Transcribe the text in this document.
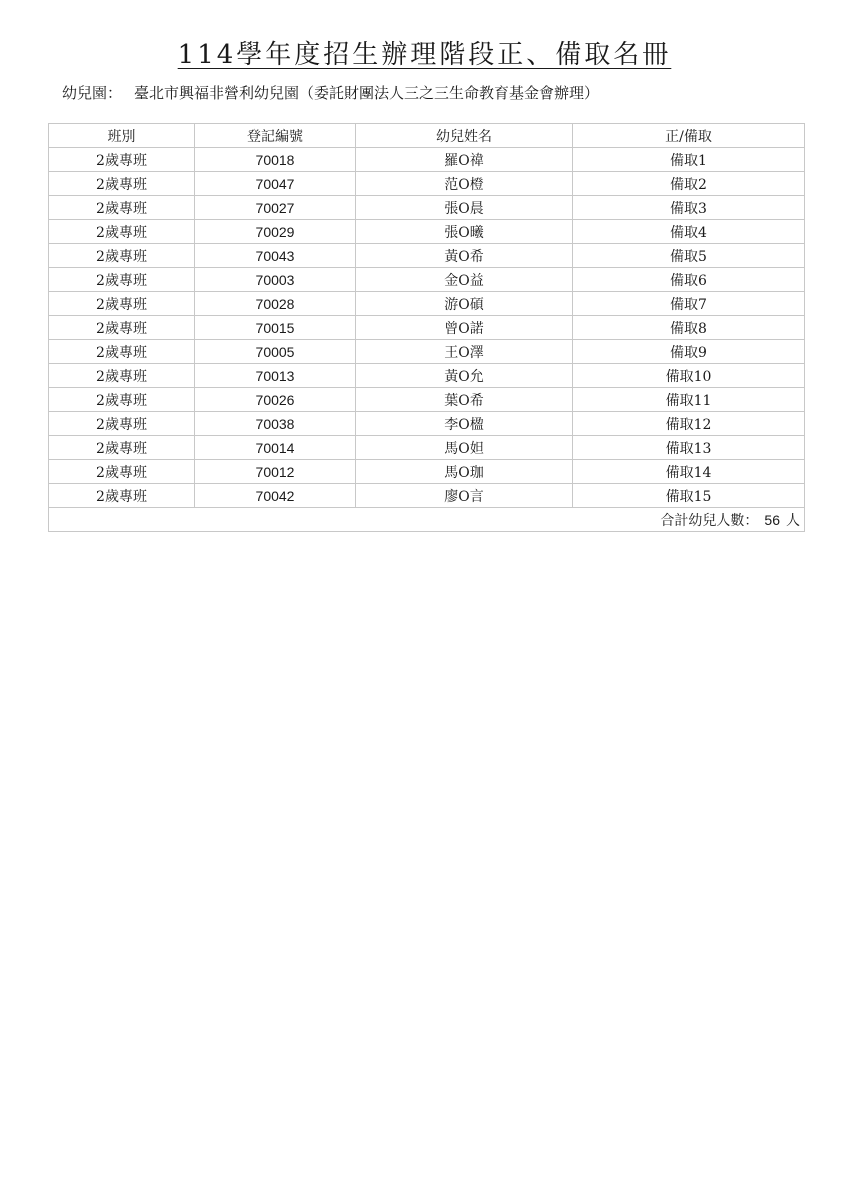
114學年度招生辦理階段正、備取名冊
幼兒園： 臺北市興福非營利幼兒園（委託財團法人三之三生命教育基金會辦理）
班別	登記編號	幼兒姓名	正/備取
2歲專班	70018	羅O禕	備取1
2歲專班	70047	范O橙	備取2
2歲專班	70027	張O晨	備取3
2歲專班	70029	張O曦	備取4
2歲專班	70043	黃O希	備取5
2歲專班	70003	金O益	備取6
2歲專班	70028	游O碩	備取7
2歲專班	70015	曾O諾	備取8
2歲專班	70005	王O澤	備取9
2歲專班	70013	黃O允	備取10
2歲專班	70026	葉O希	備取11
2歲專班	70038	李O楹	備取12
2歲專班	70014	馬O妲	備取13
2歲專班	70012	馬O珈	備取14
2歲專班	70042	廖O言	備取15
合計幼兒人數： 56 人			
